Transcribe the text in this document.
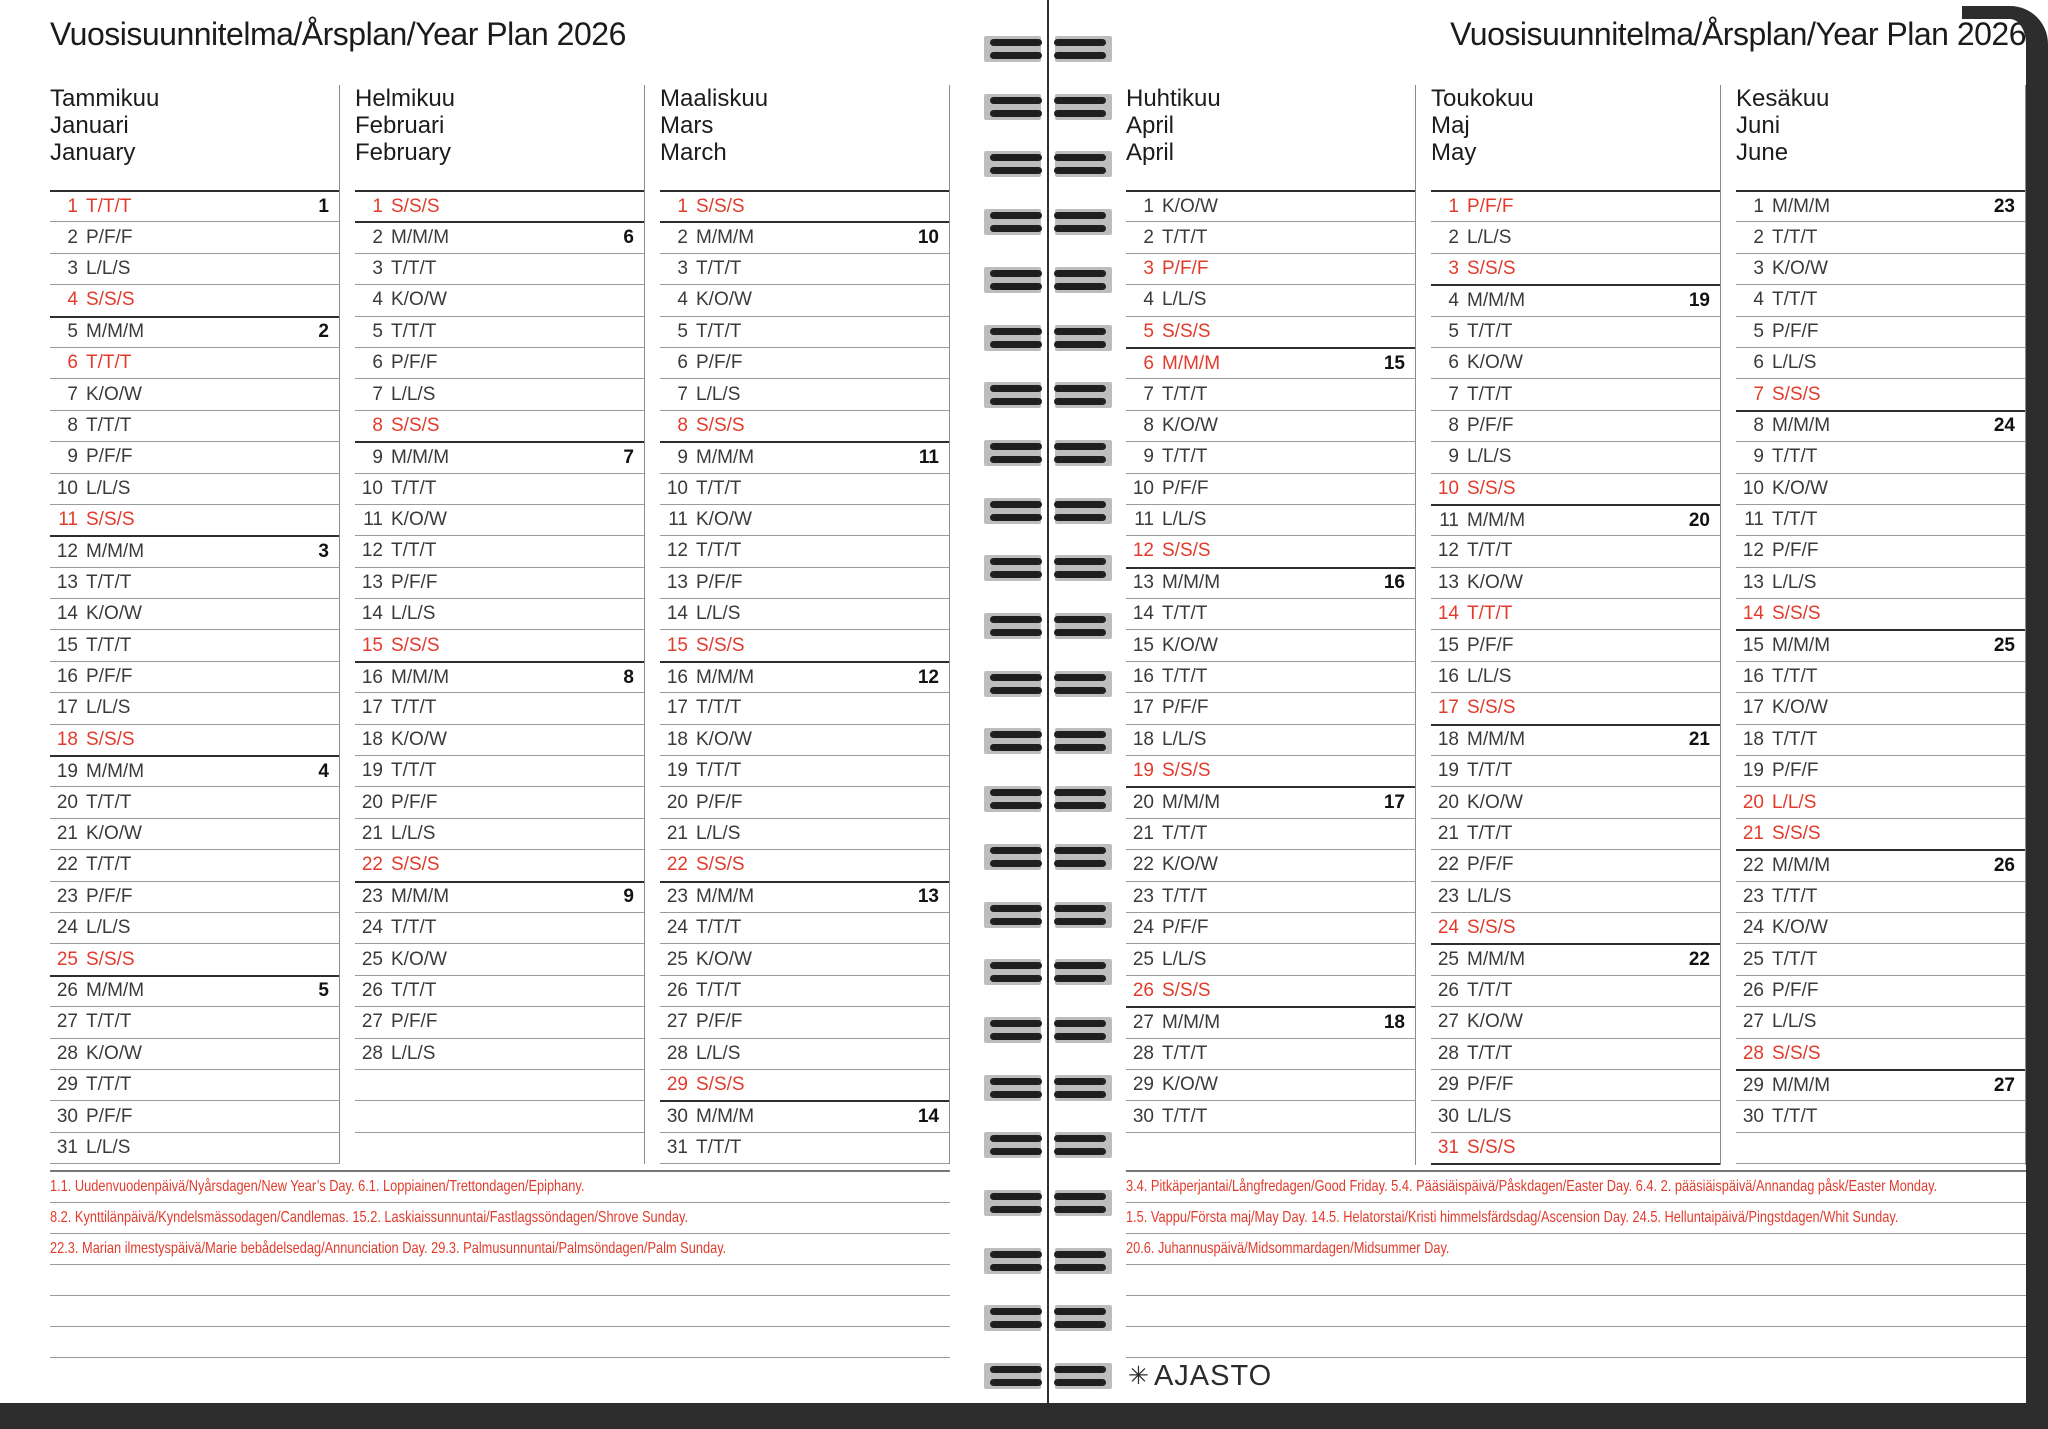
Vuosisuunnitelma/Årsplan/Year Plan 2026
Tammikuu
Januari
January
1 T/T/T	1
2 P/F/F
3 L/L/S
4 S/S/S
5 M/M/M	2
6 T/T/T
7 K/O/W
8 T/T/T
9 P/F/F
10 L/L/S
11 S/S/S
12 M/M/M	3
13 T/T/T
14 K/O/W
15 T/T/T
16 P/F/F
17 L/L/S
18 S/S/S
19 M/M/M	4
20 T/T/T
21 K/O/W
22 T/T/T
23 P/F/F
24 L/L/S
25 S/S/S
26 M/M/M	5
27 T/T/T
28 K/O/W
29 T/T/T
30 P/F/F
31 L/L/S
Helmikuu
Februari
February
1 S/S/S
2 M/M/M	6
3 T/T/T
4 K/O/W
5 T/T/T
6 P/F/F
7 L/L/S
8 S/S/S
9 M/M/M	7
10 T/T/T
11 K/O/W
12 T/T/T
13 P/F/F
14 L/L/S
15 S/S/S
16 M/M/M	8
17 T/T/T
18 K/O/W
19 T/T/T
20 P/F/F
21 L/L/S
22 S/S/S
23 M/M/M	9
24 T/T/T
25 K/O/W
26 T/T/T
27 P/F/F
28 L/L/S
Maaliskuu
Mars
March
1 S/S/S
2 M/M/M	10
3 T/T/T
4 K/O/W
5 T/T/T
6 P/F/F
7 L/L/S
8 S/S/S
9 M/M/M	11
10 T/T/T
11 K/O/W
12 T/T/T
13 P/F/F
14 L/L/S
15 S/S/S
16 M/M/M	12
17 T/T/T
18 K/O/W
19 T/T/T
20 P/F/F
21 L/L/S
22 S/S/S
23 M/M/M	13
24 T/T/T
25 K/O/W
26 T/T/T
27 P/F/F
28 L/L/S
29 S/S/S
30 M/M/M	14
31 T/T/T
1.1. Uudenvuodenpäivä/Nyårsdagen/New Year’s Day. 6.1. Loppiainen/Trettondagen/Epiphany.
8.2. Kynttilänpäivä/Kyndelsmässodagen/Candlemas. 15.2. Laskiaissunnuntai/Fastlagssöndagen/Shrove Sunday.
22.3. Marian ilmestyspäivä/Marie bebådelsedag/Annunciation Day. 29.3. Palmusunnuntai/Palmsöndagen/Palm Sunday.
Vuosisuunnitelma/Årsplan/Year Plan 2026
Huhtikuu
April
April
1 K/O/W
2 T/T/T
3 P/F/F
4 L/L/S
5 S/S/S
6 M/M/M	15
7 T/T/T
8 K/O/W
9 T/T/T
10 P/F/F
11 L/L/S
12 S/S/S
13 M/M/M	16
14 T/T/T
15 K/O/W
16 T/T/T
17 P/F/F
18 L/L/S
19 S/S/S
20 M/M/M	17
21 T/T/T
22 K/O/W
23 T/T/T
24 P/F/F
25 L/L/S
26 S/S/S
27 M/M/M	18
28 T/T/T
29 K/O/W
30 T/T/T
Toukokuu
Maj
May
1 P/F/F
2 L/L/S
3 S/S/S
4 M/M/M	19
5 T/T/T
6 K/O/W
7 T/T/T
8 P/F/F
9 L/L/S
10 S/S/S
11 M/M/M	20
12 T/T/T
13 K/O/W
14 T/T/T
15 P/F/F
16 L/L/S
17 S/S/S
18 M/M/M	21
19 T/T/T
20 K/O/W
21 T/T/T
22 P/F/F
23 L/L/S
24 S/S/S
25 M/M/M	22
26 T/T/T
27 K/O/W
28 T/T/T
29 P/F/F
30 L/L/S
31 S/S/S
Kesäkuu
Juni
June
1 M/M/M	23
2 T/T/T
3 K/O/W
4 T/T/T
5 P/F/F
6 L/L/S
7 S/S/S
8 M/M/M	24
9 T/T/T
10 K/O/W
11 T/T/T
12 P/F/F
13 L/L/S
14 S/S/S
15 M/M/M	25
16 T/T/T
17 K/O/W
18 T/T/T
19 P/F/F
20 L/L/S
21 S/S/S
22 M/M/M	26
23 T/T/T
24 K/O/W
25 T/T/T
26 P/F/F
27 L/L/S
28 S/S/S
29 M/M/M	27
30 T/T/T
3.4. Pitkäperjantai/Långfredagen/Good Friday. 5.4. Pääsiäispäivä/Påskdagen/Easter Day. 6.4. 2. pääsiäispäivä/Annandag påsk/Easter Monday.
1.5. Vappu/Första maj/May Day. 14.5. Helatorstai/Kristi himmelsfärdsdag/Ascension Day. 24.5. Helluntaipäivä/Pingstdagen/Whit Sunday.
20.6. Juhannuspäivä/Midsommardagen/Midsummer Day.
✳ AJASTO
